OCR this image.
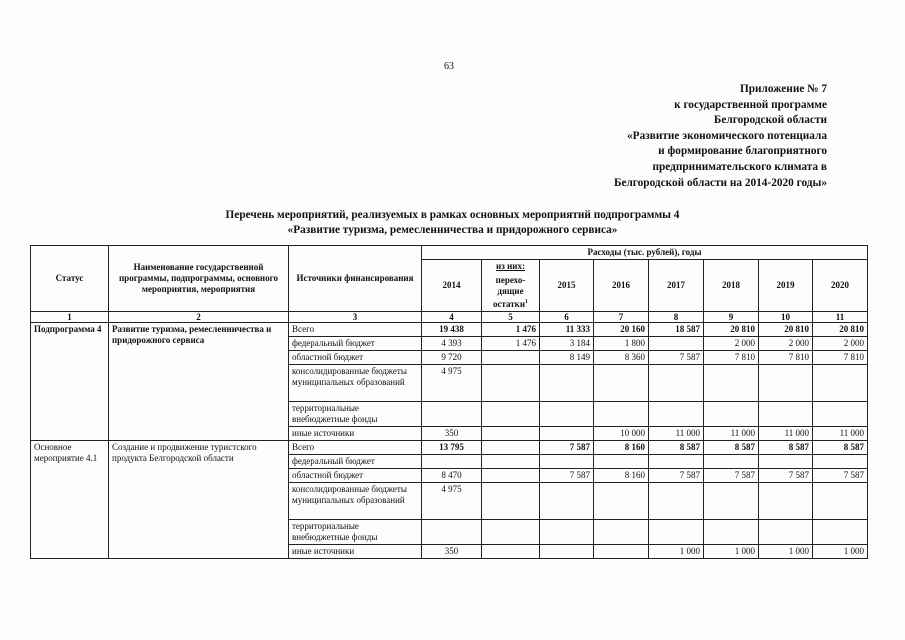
63
Приложение № 7
к государственной программе
Белгородской области
«Развитие экономического потенциала
и формирование благоприятного
предпринимательского климата в
Белгородской области на 2014-2020 годы»
Перечень мероприятий, реализуемых в рамках основных мероприятий подпрограммы 4
«Развитие туризма, ремесленничества и придорожного сервиса»
Статус	Наименование государственной программы, подпрограммы, основного мероприятия, мероприятия	Источники финансирования	Расходы (тыс. рублей), годы							
			2014	из них:	2015	2016	2017	2018	2019	2020
				перехо-дящие остатки$^1$
1	2	3	4	5	6	7	8	9	10	11
Подпрограмма 4	Развитие туризма, ремесленничества и придорожного сервиса	Всего	19 438	1 476	11 333	20 160	18 587	20 810	20 810	20 810
		федеральный бюджет	4 393	1 476	3 184	1 800		2 000	2 000	2 000
		областной бюджет	9 720		8 149	8 360	7 587	7 810	7 810	7 810
		консолидированные бюджеты муниципальных образований	4 975							
		территориальные внебюджетные фонды								
		иные источники	350			10 000	11 000	11 000	11 000	11 000
Основное мероприятие 4.1	Создание и продвижение туристского продукта Белгородской области	Всего	13 795		7 587	8 160	8 587	8 587	8 587	8 587
		федеральный бюджет								
		областной бюджет	8 470		7 587	8 160	7 587	7 587	7 587	7 587
		консолидированные бюджеты муниципальных образований	4 975							
		территориальные внебюджетные фонды								
		иные источники	350				1 000	1 000	1 000	1 000
